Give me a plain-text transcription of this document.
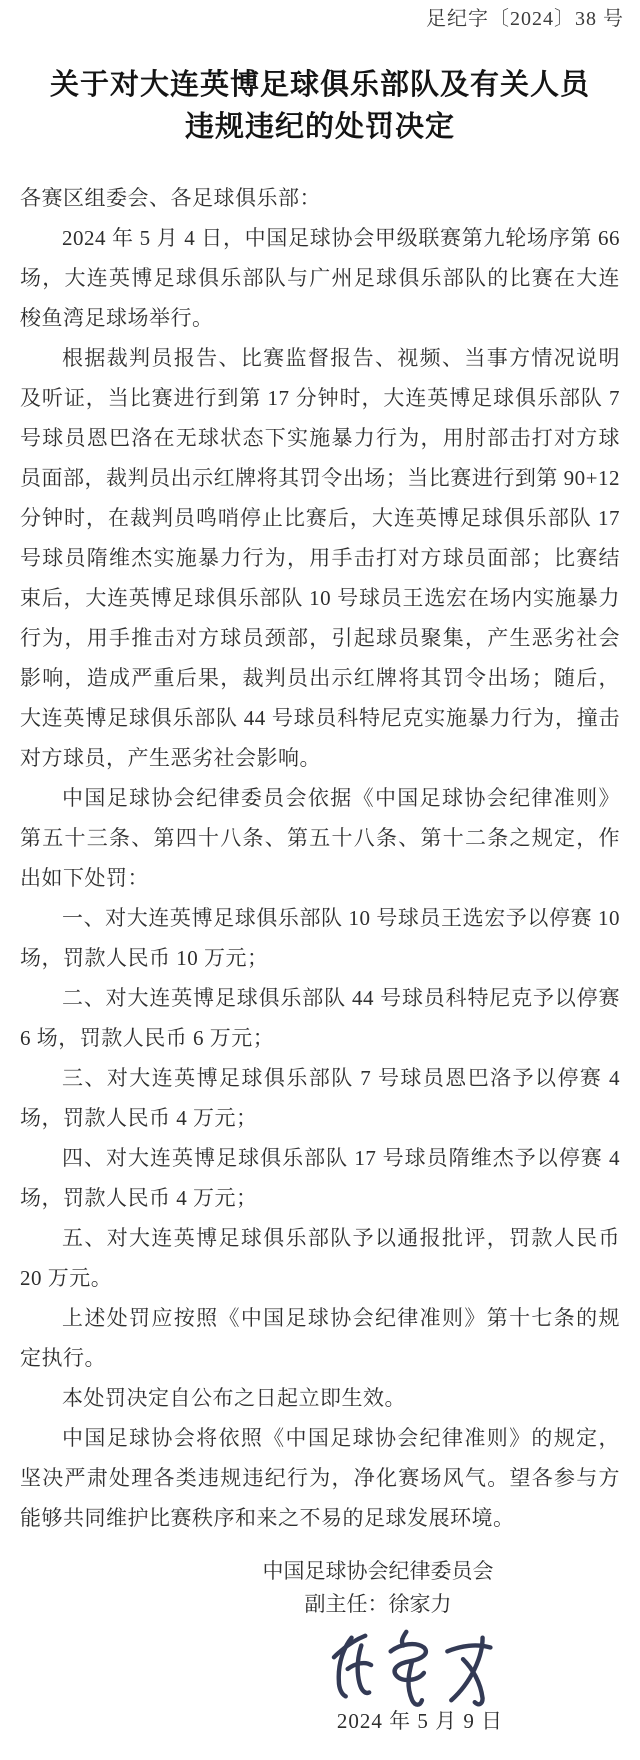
足纪字〔2024〕38 号
关于对大连英博足球俱乐部队及有关人员
违规违纪的处罚决定

各赛区组委会、各足球俱乐部：

2024 年 5 月 4 日，中国足球协会甲级联赛第九轮场序第 66 场，大连英博足球俱乐部队与广州足球俱乐部队的比赛在大连梭鱼湾足球场举行。

根据裁判员报告、比赛监督报告、视频、当事方情况说明及听证，当比赛进行到第 17 分钟时，大连英博足球俱乐部队 7 号球员恩巴洛在无球状态下实施暴力行为，用肘部击打对方球员面部，裁判员出示红牌将其罚令出场；当比赛进行到第 90+12 分钟时，在裁判员鸣哨停止比赛后，大连英博足球俱乐部队 17 号球员隋维杰实施暴力行为，用手击打对方球员面部；比赛结束后，大连英博足球俱乐部队 10 号球员王选宏在场内实施暴力行为，用手推击对方球员颈部，引起球员聚集，产生恶劣社会影响，造成严重后果，裁判员出示红牌将其罚令出场；随后，大连英博足球俱乐部队 44 号球员科特尼克实施暴力行为，撞击对方球员，产生恶劣社会影响。

中国足球协会纪律委员会依据《中国足球协会纪律准则》第五十三条、第四十八条、第五十八条、第十二条之规定，作出如下处罚：

一、对大连英博足球俱乐部队 10 号球员王选宏予以停赛 10 场，罚款人民币 10 万元；

二、对大连英博足球俱乐部队 44 号球员科特尼克予以停赛 6 场，罚款人民币 6 万元；

三、对大连英博足球俱乐部队 7 号球员恩巴洛予以停赛 4 场，罚款人民币 4 万元；

四、对大连英博足球俱乐部队 17 号球员隋维杰予以停赛 4 场，罚款人民币 4 万元；

五、对大连英博足球俱乐部队予以通报批评，罚款人民币 20 万元。

上述处罚应按照《中国足球协会纪律准则》第十七条的规定执行。

本处罚决定自公布之日起立即生效。

中国足球协会将依照《中国足球协会纪律准则》的规定，坚决严肃处理各类违规违纪行为，净化赛场风气。望各参与方能够共同维护比赛秩序和来之不易的足球发展环境。

中国足球协会纪律委员会
副主任：徐家力
2024 年 5 月 9 日
